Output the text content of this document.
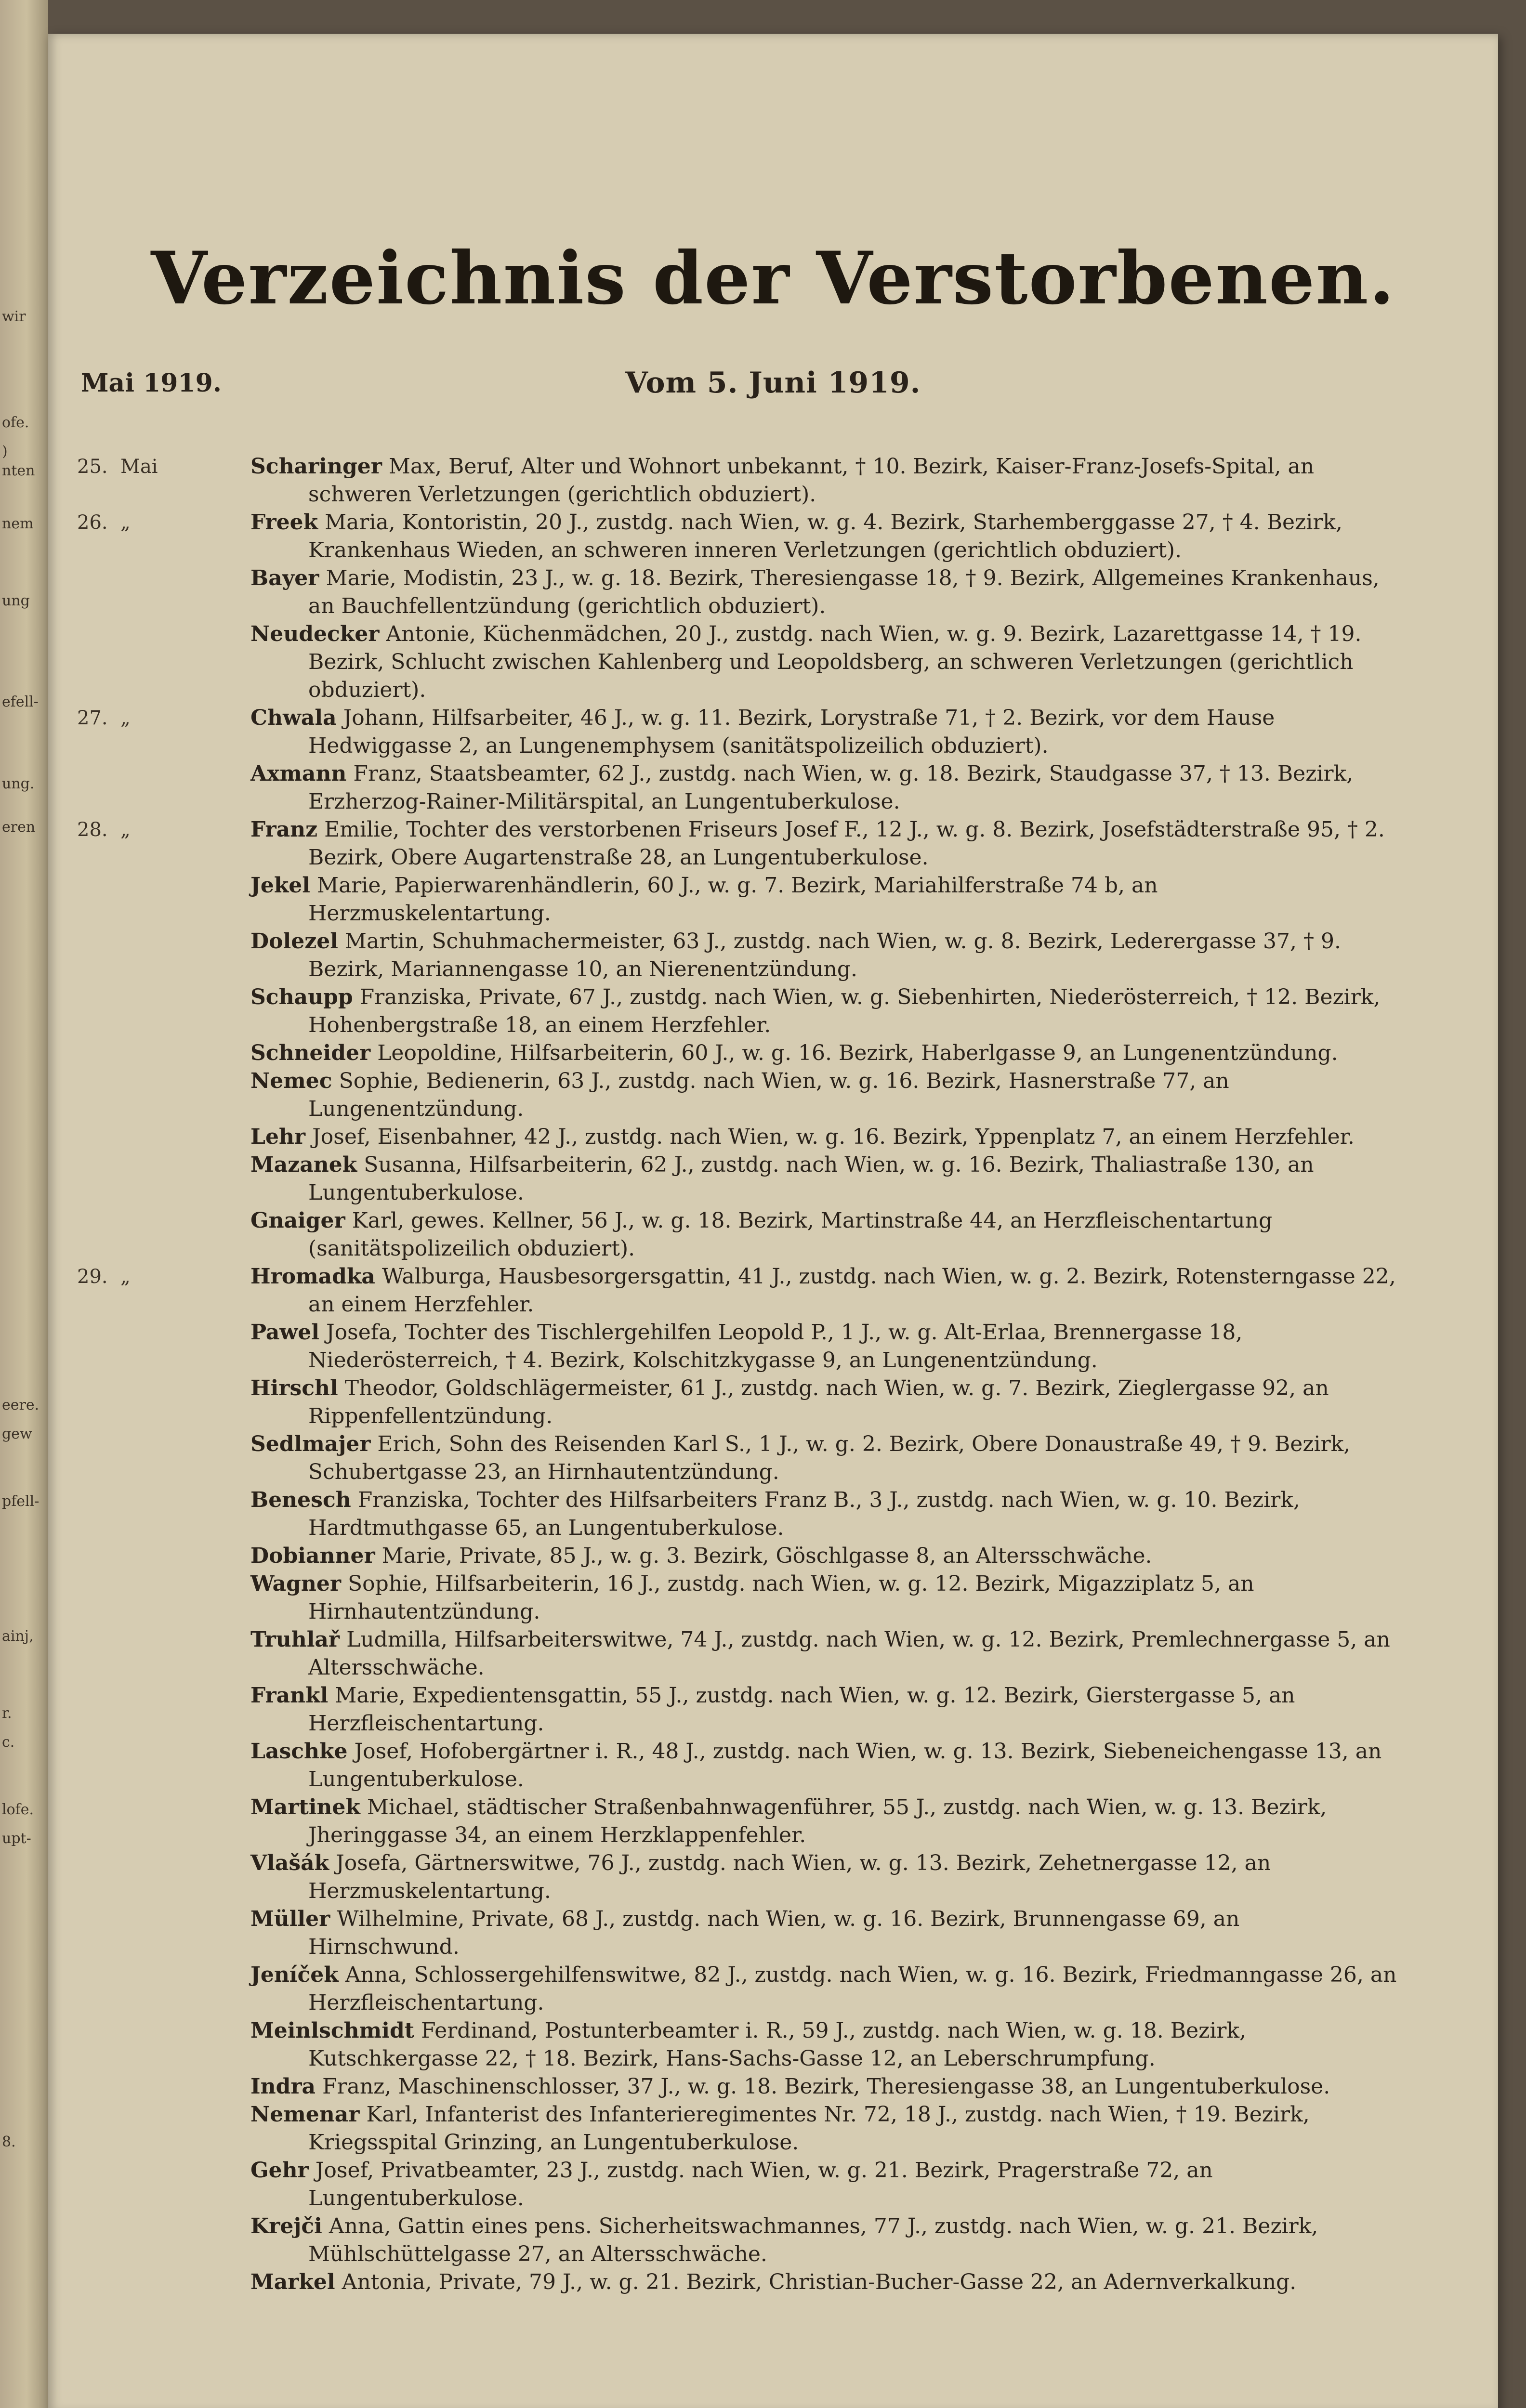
wir
ofe.
)
nten
nem
ung
efell-
ung.
eren
eere.
gew
pfell-
ainj,
r.
c.
lofe.
upt-
8.
Verzeichnis der Verstorbenen.
Mai 1919.	Vom 5. Juni 1919.
25. Mai	Scharinger Max, Beruf, Alter und Wohnort unbekannt, † 10. Bezirk, Kaiser-Franz-Josefs-Spital, an schweren Verletzungen (gerichtlich obduziert).
26. „	Freek Maria, Kontoristin, 20 J., zustdg. nach Wien, w. g. 4. Bezirk, Starhemberggasse 27, † 4. Bezirk, Krankenhaus Wieden, an schweren inneren Verletzungen (gerichtlich obduziert).
Bayer Marie, Modistin, 23 J., w. g. 18. Bezirk, Theresiengasse 18, † 9. Bezirk, Allgemeines Krankenhaus, an Bauchfellentzündung (gerichtlich obduziert).
Neudecker Antonie, Küchenmädchen, 20 J., zustdg. nach Wien, w. g. 9. Bezirk, Lazarettgasse 14, † 19. Bezirk, Schlucht zwischen Kahlenberg und Leopoldsberg, an schweren Verletzungen (gerichtlich obduziert).
27. „	Chwala Johann, Hilfsarbeiter, 46 J., w. g. 11. Bezirk, Lorystraße 71, † 2. Bezirk, vor dem Hause Hedwiggasse 2, an Lungenemphysem (sanitätspolizeilich obduziert).
Axmann Franz, Staatsbeamter, 62 J., zustdg. nach Wien, w. g. 18. Bezirk, Staudgasse 37, † 13. Bezirk, Erzherzog-Rainer-Militärspital, an Lungentuberkulose.
28. „	Franz Emilie, Tochter des verstorbenen Friseurs Josef F., 12 J., w. g. 8. Bezirk, Josefstädterstraße 95, † 2. Bezirk, Obere Augartenstraße 28, an Lungentuberkulose.
Jekel Marie, Papierwarenhändlerin, 60 J., w. g. 7. Bezirk, Mariahilferstraße 74 b, an Herzmuskelentartung.
Dolezel Martin, Schuhmachermeister, 63 J., zustdg. nach Wien, w. g. 8. Bezirk, Lederergasse 37, † 9. Bezirk, Mariannengasse 10, an Nierenentzündung.
Schaupp Franziska, Private, 67 J., zustdg. nach Wien, w. g. Siebenhirten, Niederösterreich, † 12. Bezirk, Hohenbergstraße 18, an einem Herzfehler.
Schneider Leopoldine, Hilfsarbeiterin, 60 J., w. g. 16. Bezirk, Haberlgasse 9, an Lungenentzündung.
Nemec Sophie, Bedienerin, 63 J., zustdg. nach Wien, w. g. 16. Bezirk, Hasnerstraße 77, an Lungenentzündung.
Lehr Josef, Eisenbahner, 42 J., zustdg. nach Wien, w. g. 16. Bezirk, Yppenplatz 7, an einem Herzfehler.
Mazanek Susanna, Hilfsarbeiterin, 62 J., zustdg. nach Wien, w. g. 16. Bezirk, Thaliastraße 130, an Lungentuberkulose.
Gnaiger Karl, gewes. Kellner, 56 J., w. g. 18. Bezirk, Martinstraße 44, an Herzfleischentartung (sanitätspolizeilich obduziert).
29. „	Hromadka Walburga, Hausbesorgersgattin, 41 J., zustdg. nach Wien, w. g. 2. Bezirk, Rotensterngasse 22, an einem Herzfehler.
Pawel Josefa, Tochter des Tischlergehilfen Leopold P., 1 J., w. g. Alt-Erlaa, Brennergasse 18, Niederösterreich, † 4. Bezirk, Kolschitzkygasse 9, an Lungenentzündung.
Hirschl Theodor, Goldschlägermeister, 61 J., zustdg. nach Wien, w. g. 7. Bezirk, Zieglergasse 92, an Rippenfellentzündung.
Sedlmajer Erich, Sohn des Reisenden Karl S., 1 J., w. g. 2. Bezirk, Obere Donaustraße 49, † 9. Bezirk, Schubertgasse 23, an Hirnhautentzündung.
Benesch Franziska, Tochter des Hilfsarbeiters Franz B., 3 J., zustdg. nach Wien, w. g. 10. Bezirk, Hardtmuthgasse 65, an Lungentuberkulose.
Dobianner Marie, Private, 85 J., w. g. 3. Bezirk, Göschlgasse 8, an Altersschwäche.
Wagner Sophie, Hilfsarbeiterin, 16 J., zustdg. nach Wien, w. g. 12. Bezirk, Migazziplatz 5, an Hirnhautentzündung.
Truhlař Ludmilla, Hilfsarbeiterswitwe, 74 J., zustdg. nach Wien, w. g. 12. Bezirk, Premlechnergasse 5, an Altersschwäche.
Frankl Marie, Expedientensgattin, 55 J., zustdg. nach Wien, w. g. 12. Bezirk, Gierstergasse 5, an Herzfleischentartung.
Laschke Josef, Hofobergärtner i. R., 48 J., zustdg. nach Wien, w. g. 13. Bezirk, Siebeneichengasse 13, an Lungentuberkulose.
Martinek Michael, städtischer Straßenbahnwagenführer, 55 J., zustdg. nach Wien, w. g. 13. Bezirk, Jheringgasse 34, an einem Herzklappenfehler.
Vlašák Josefa, Gärtnerswitwe, 76 J., zustdg. nach Wien, w. g. 13. Bezirk, Zehetnergasse 12, an Herzmuskelentartung.
Müller Wilhelmine, Private, 68 J., zustdg. nach Wien, w. g. 16. Bezirk, Brunnengasse 69, an Hirnschwund.
Jeníček Anna, Schlossergehilfenswitwe, 82 J., zustdg. nach Wien, w. g. 16. Bezirk, Friedmanngasse 26, an Herzfleischentartung.
Meinlschmidt Ferdinand, Postunterbeamter i. R., 59 J., zustdg. nach Wien, w. g. 18. Bezirk, Kutschkergasse 22, † 18. Bezirk, Hans-Sachs-Gasse 12, an Leberschrumpfung.
Indra Franz, Maschinenschlosser, 37 J., w. g. 18. Bezirk, Theresiengasse 38, an Lungentuberkulose.
Nemenar Karl, Infanterist des Infanterieregimentes Nr. 72, 18 J., zustdg. nach Wien, † 19. Bezirk, Kriegsspital Grinzing, an Lungentuberkulose.
Gehr Josef, Privatbeamter, 23 J., zustdg. nach Wien, w. g. 21. Bezirk, Pragerstraße 72, an Lungentuberkulose.
Krejči Anna, Gattin eines pens. Sicherheitswachmannes, 77 J., zustdg. nach Wien, w. g. 21. Bezirk, Mühlschüttelgasse 27, an Altersschwäche.
Markel Antonia, Private, 79 J., w. g. 21. Bezirk, Christian-Bucher-Gasse 22, an Adernverkalkung.
